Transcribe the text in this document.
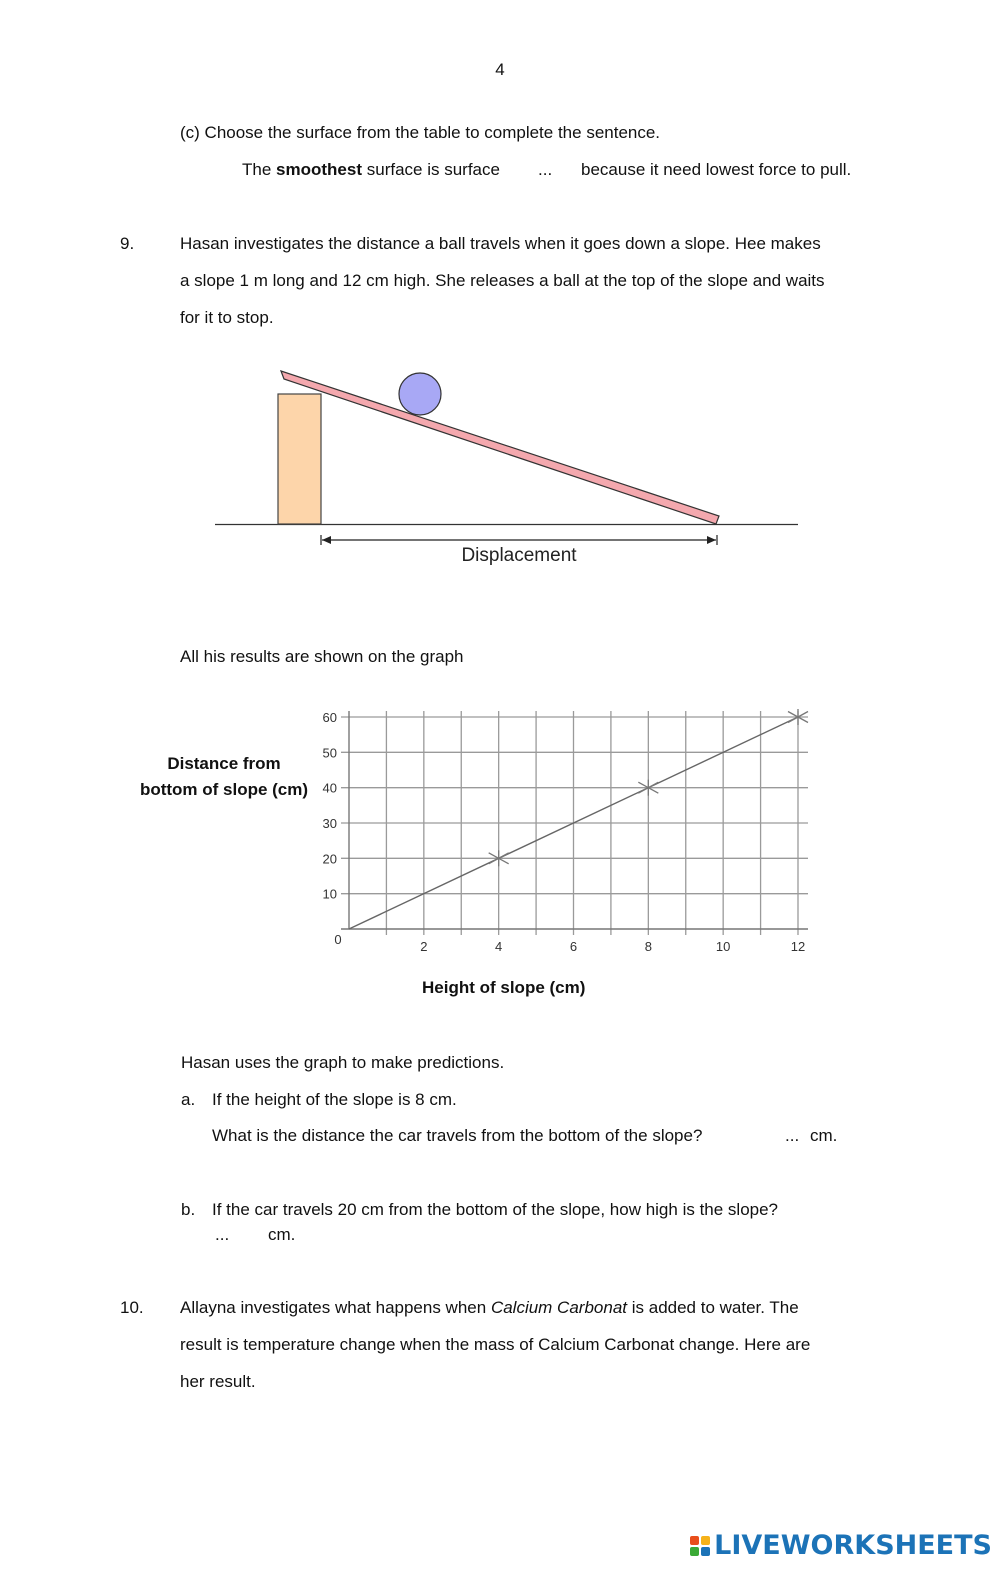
4
(c) Choose the surface from the table to complete the sentence.
The smoothest surface is surface ... because it need lowest force to pull.
9.	Hasan investigates the distance a ball travels when it goes down a slope. Hee makes
a slope 1 m long and 12 cm high. She releases a ball at the top of the slope and waits
for it to stop.
Displacement
All his results are shown on the graph
Distance from
bottom of slope (cm)
10
20
30
40
50
60
0	2	4	6	8	10	12
Height of slope (cm)
Hasan uses the graph to make predictions.
a. If the height of the slope is 8 cm.
What is the distance the car travels from the bottom of the slope?	... cm.
b. If the car travels 20 cm from the bottom of the slope, how high is the slope?
... cm.
10. Allayna investigates what happens when Calcium Carbonat is added to water. The
result is temperature change when the mass of Calcium Carbonat change. Here are
her result.
LIVEWORKSHEETS
